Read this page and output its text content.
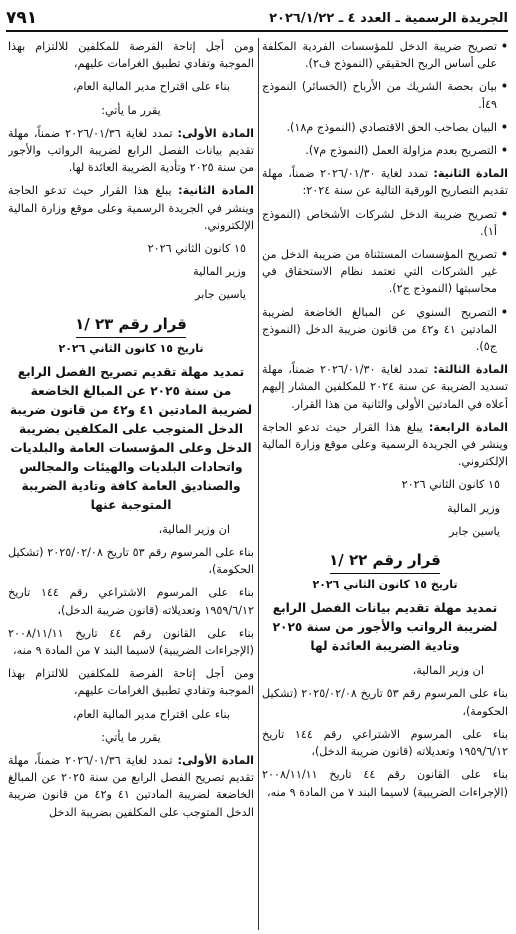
الجريدة الرسمية ـ العدد ٤ ـ ٢٠٢٦/١/٢٢
٧٩١

• تصريح ضريبة الدخل للمؤسسات الفردية المكلفة على أساس الربح الحقيقي (النموذج ف٢).

• بيان بحصة الشريك من الأرباح (الخسائر) النموذج ٤٩أ.

• البيان بصاحب الحق الاقتصادي (النموذج م١٨).

• التصريح بعدم مزاولة العمل (النموذج م٧).

المادة الثانية: تمدد لغاية ٢٠٢٦/٠١/٣٠ ضمناً، مهلة تقديم التصاريح الورقية التالية عن سنة ٢٠٢٤:

• تصريح ضريبة الدخل لشركات الأشخاص (النموذج أ١).

• تصريح المؤسسات المستثناة من ضريبة الدخل من غير الشركات التي تعتمد نظام الاستحقاق في محاسبتها (النموذج ج٢).

• التصريح السنوي عن المبالغ الخاضعة لضريبة المادتين ٤١ و٤٢ من قانون ضريبة الدخل (النموذج ج٥).

المادة الثالثة: تمدد لغاية ٢٠٢٦/٠١/٣٠ ضمناً، مهلة تسديد الضريبة عن سنة ٢٠٢٤ للمكلفين المشار إليهم أعلاه في المادتين الأولى والثانية من هذا القرار.

المادة الرابعة: يبلغ هذا القرار حيث تدعو الحاجة وينشر في الجريدة الرسمية وعلى موقع وزارة المالية الإلكتروني.

١٥ كانون الثاني ٢٠٢٦

وزير المالية

ياسين جابر

قرار رقم ٢٢ /١

تاريخ ١٥ كانون الثاني ٢٠٢٦

تمديد مهلة تقديم بيانات الفصل الرابع لضريبة الرواتب والأجور من سنة ٢٠٢٥ وتادية الضريبة العائدة لها

ان وزير المالية،

بناء على المرسوم رقم ٥٣ تاريخ ٢٠٢٥/٠٢/٠٨ (تشكيل الحكومة)،

بناء على المرسوم الاشتراعي رقم ١٤٤ تاريخ ١٩٥٩/٦/١٢ وتعديلاته (قانون ضريبة الدخل)،

بناء على القانون رقم ٤٤ تاريخ ٢٠٠٨/١١/١١ (الإجراءات الضريبية) لاسيما البند ٧ من المادة ٩ منه،

ومن أجل إتاحة الفرصة للمكلفين للالتزام بهذا الموجبة وتفادي تطبيق الغرامات عليهم،

بناء على اقتراح مدير المالية العام،

يقرر ما يأتي:

المادة الأولى: تمدد لغاية ٢٠٢٦/٠١/٣٦ ضمناً، مهلة تقديم بيانات الفصل الرابع لضريبة الرواتب والأجور من سنة ٢٠٢٥ وتأدية الضريبة العائدة لها.

المادة الثانية: يبلغ هذا القرار حيث تدعو الحاجة وينشر في الجريدة الرسمية وعلى موقع وزارة المالية الإلكتروني.

١٥ كانون الثاني ٢٠٢٦

وزير المالية

ياسين جابر

قرار رقم ٢٣ /١

تاريخ ١٥ كانون الثاني ٢٠٢٦

تمديد مهلة تقديم تصريح الفصل الرابع من سنة ٢٠٢٥ عن المبالغ الخاضعة لضريبة المادتين ٤١ و٤٢ من قانون ضريبة الدخل المتوجب على المكلفين بضريبة الدخل وعلى المؤسسات العامة والبلديات واتحادات البلديات والهيئات والمجالس والصناديق العامة كافة وتادية الضريبة المتوجبة عنها

ان وزير المالية،

بناء على المرسوم رقم ٥٣ تاريخ ٢٠٢٥/٠٢/٠٨ (تشكيل الحكومة)،

بناء على المرسوم الاشتراعي رقم ١٤٤ تاريخ ١٩٥٩/٦/١٢ وتعديلاته (قانون ضريبة الدخل)،

بناء على القانون رقم ٤٤ تاريخ ٢٠٠٨/١١/١١ (الإجراءات الضريبية) لاسيما البند ٧ من المادة ٩ منه،

ومن أجل إتاحة الفرصة للمكلفين للالتزام بهذا الموجبة وتفادي تطبيق الغرامات عليهم،

بناء على اقتراح مدير المالية العام،

يقرر ما يأتي:

المادة الأولى: تمدد لغاية ٢٠٢٦/٠١/٣٦ ضمناً، مهلة تقديم تصريح الفصل الرابع من سنة ٢٠٢٥ عن المبالغ الخاضعة لضريبة المادتين ٤١ و٤٢ من قانون ضريبة الدخل المتوجب على المكلفين بضريبة الدخل
